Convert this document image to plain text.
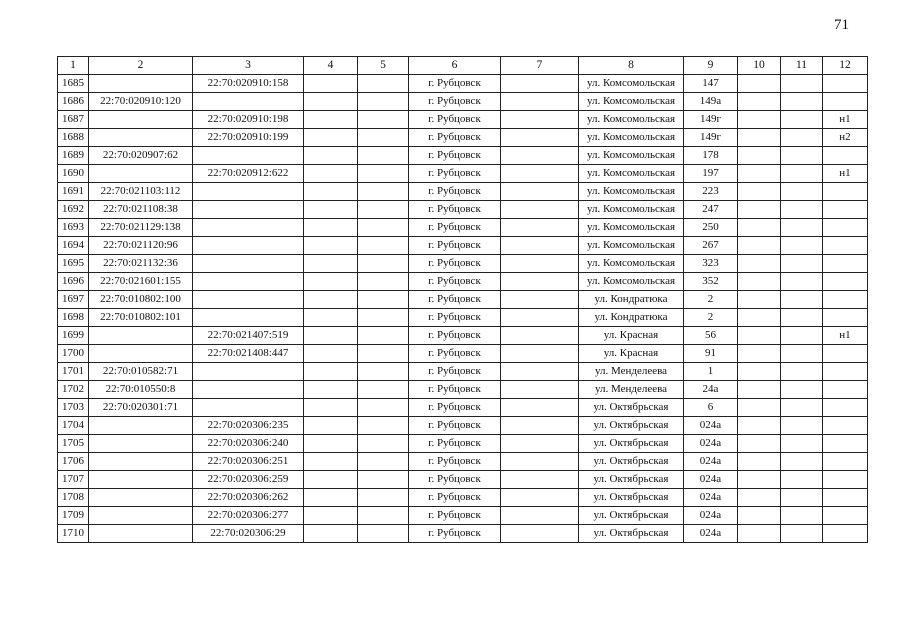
71
1	2	3	4	5	6	7	8	9	10	11	12
1685		22:70:020910:158			г. Рубцовск		ул. Комсомольская	147			
1686	22:70:020910:120				г. Рубцовск		ул. Комсомольская	149а			
1687		22:70:020910:198			г. Рубцовск		ул. Комсомольская	149г			н1
1688		22:70:020910:199			г. Рубцовск		ул. Комсомольская	149г			н2
1689	22:70:020907:62				г. Рубцовск		ул. Комсомольская	178			
1690		22:70:020912:622			г. Рубцовск		ул. Комсомольская	197			н1
1691	22:70:021103:112				г. Рубцовск		ул. Комсомольская	223			
1692	22:70:021108:38				г. Рубцовск		ул. Комсомольская	247			
1693	22:70:021129:138				г. Рубцовск		ул. Комсомольская	250			
1694	22:70:021120:96				г. Рубцовск		ул. Комсомольская	267			
1695	22:70:021132:36				г. Рубцовск		ул. Комсомольская	323			
1696	22:70:021601:155				г. Рубцовск		ул. Комсомольская	352			
1697	22:70:010802:100				г. Рубцовск		ул. Кондратюка	2			
1698	22:70:010802:101				г. Рубцовск		ул. Кондратюка	2			
1699		22:70:021407:519			г. Рубцовск		ул. Красная	56			н1
1700		22:70:021408:447			г. Рубцовск		ул. Красная	91			
1701	22:70:010582:71				г. Рубцовск		ул. Менделеева	1			
1702	22:70:010550:8				г. Рубцовск		ул. Менделеева	24а			
1703	22:70:020301:71				г. Рубцовск		ул. Октябрьская	6			
1704		22:70:020306:235			г. Рубцовск		ул. Октябрьская	024а			
1705		22:70:020306:240			г. Рубцовск		ул. Октябрьская	024а			
1706		22:70:020306:251			г. Рубцовск		ул. Октябрьская	024а			
1707		22:70:020306:259			г. Рубцовск		ул. Октябрьская	024а			
1708		22:70:020306:262			г. Рубцовск		ул. Октябрьская	024а			
1709		22:70:020306:277			г. Рубцовск		ул. Октябрьская	024а			
1710		22:70:020306:29			г. Рубцовск		ул. Октябрьская	024а			
